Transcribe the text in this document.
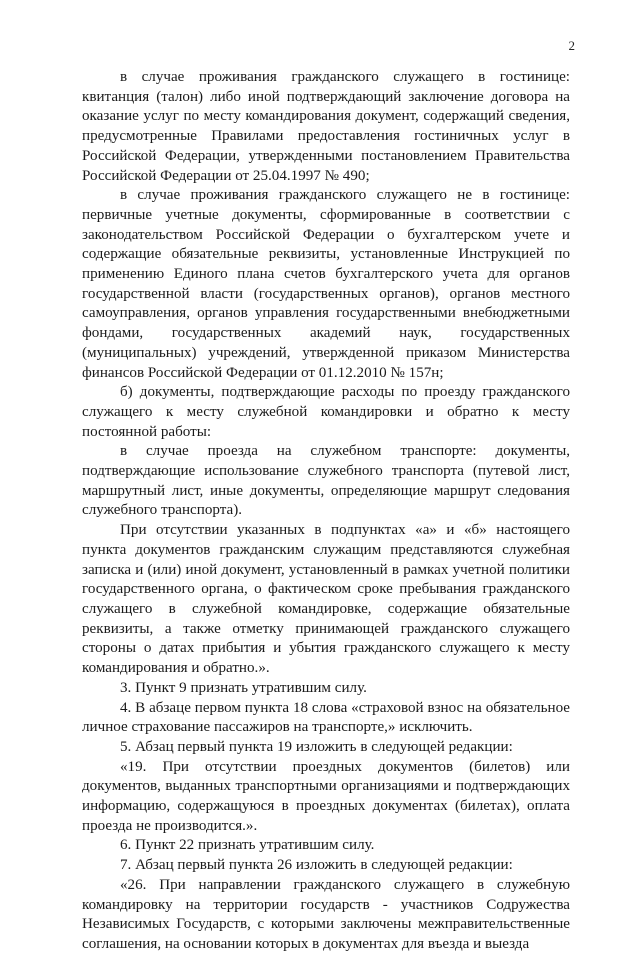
2

в случае проживания гражданского служащего в гостинице: квитанция (талон) либо иной подтверждающий заключение договора на оказание услуг по месту командирования документ, содержащий сведения, предусмотренные Правилами предоставления гостиничных услуг в Российской Федерации, утвержденными постановлением Правительства Российской Федерации от 25.04.1997 № 490;

в случае проживания гражданского служащего не в гостинице: первичные учетные документы, сформированные в соответствии с законодательством Российской Федерации о бухгалтерском учете и содержащие обязательные реквизиты, установленные Инструкцией по применению Единого плана счетов бухгалтерского учета для органов государственной власти (государственных органов), органов местного самоуправления, органов управления государственными внебюджетными фондами, государственных академий наук, государственных (муниципальных) учреждений, утвержденной приказом Министерства финансов Российской Федерации от 01.12.2010 № 157н;

б) документы, подтверждающие расходы по проезду гражданского служащего к месту служебной командировки и обратно к месту постоянной работы:

в случае проезда на служебном транспорте: документы, подтверждающие использование служебного транспорта (путевой лист, маршрутный лист, иные документы, определяющие маршрут следования служебного транспорта).

При отсутствии указанных в подпунктах «а» и «б» настоящего пункта документов гражданским служащим представляются служебная записка и (или) иной документ, установленный в рамках учетной политики государственного органа, о фактическом сроке пребывания гражданского служащего в служебной командировке, содержащие обязательные реквизиты, а также отметку принимающей гражданского служащего стороны о датах прибытия и убытия гражданского служащего к месту командирования и обратно.».

3. Пункт 9 признать утратившим силу.

4. В абзаце первом пункта 18 слова «страховой взнос на обязательное личное страхование пассажиров на транспорте,» исключить.

5. Абзац первый пункта 19 изложить в следующей редакции:

«19. При отсутствии проездных документов (билетов) или документов, выданных транспортными организациями и подтверждающих информацию, содержащуюся в проездных документах (билетах), оплата проезда не производится.».

6. Пункт 22 признать утратившим силу.

7. Абзац первый пункта 26 изложить в следующей редакции:

«26. При направлении гражданского служащего в служебную командировку на территории государств - участников Содружества Независимых Государств, с которыми заключены межправительственные соглашения, на основании которых в документах для въезда и выезда
